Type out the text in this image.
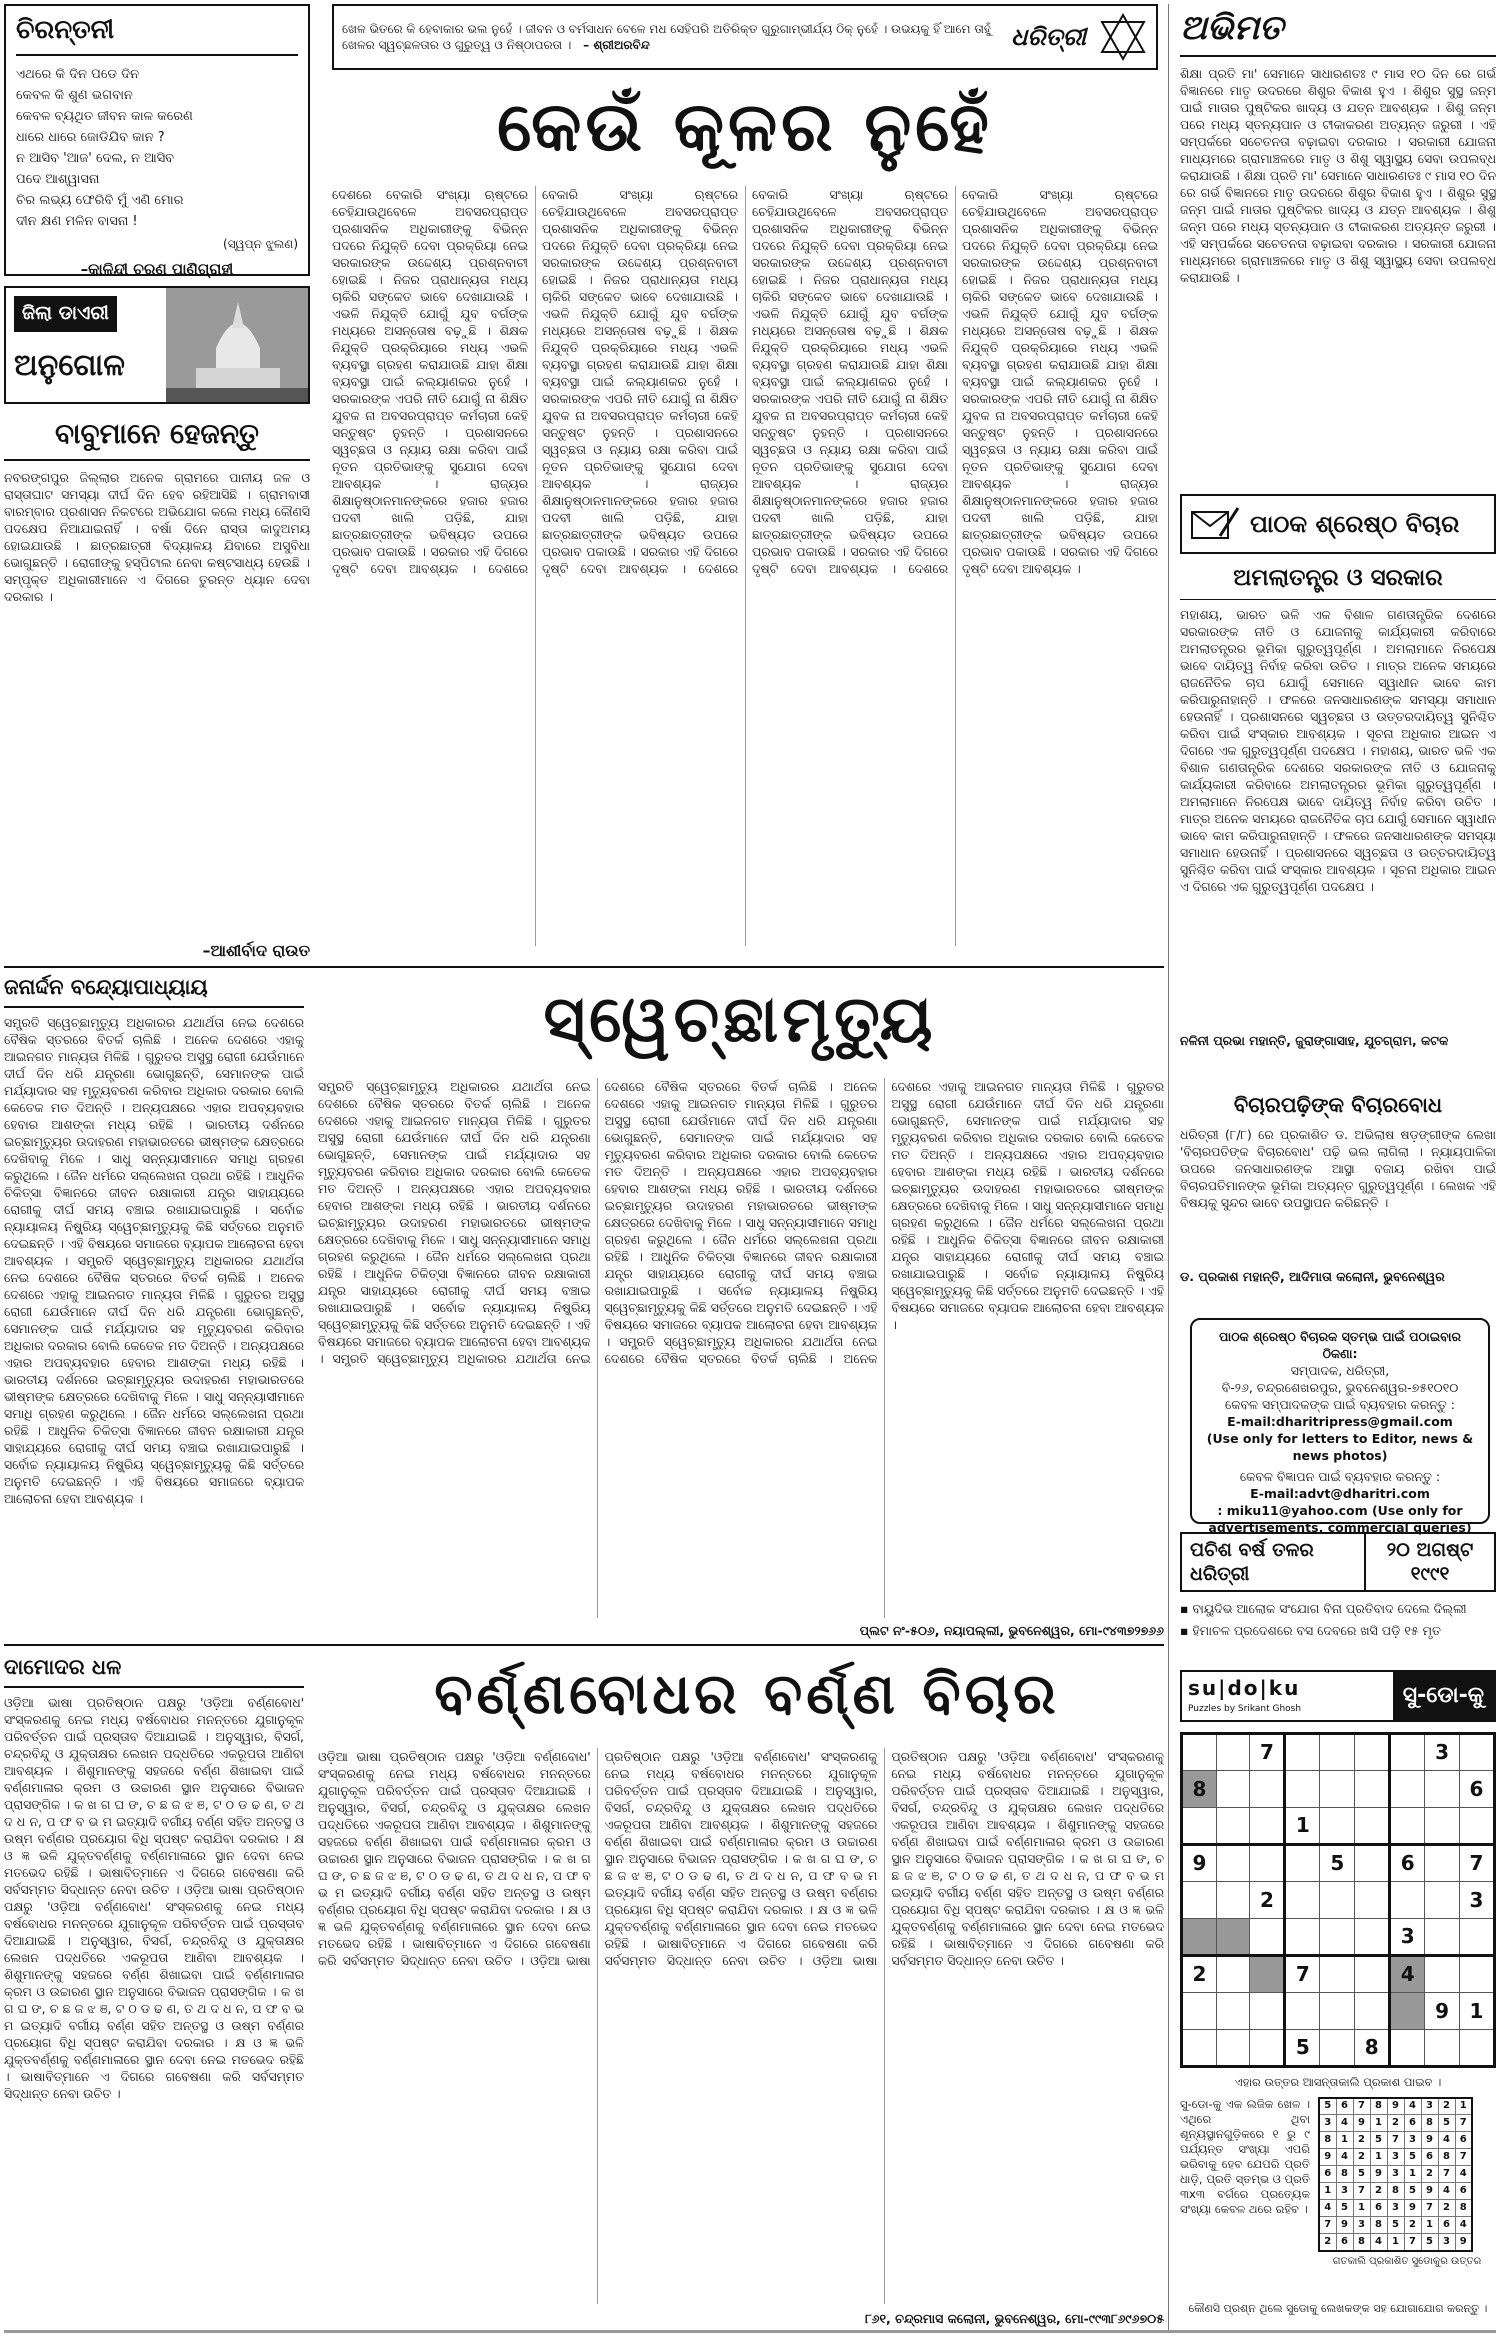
ଚିରନ୍ତନୀ
ଏଥରେ କି ଦିନ ପଡେ ଦିନ
କେବଳ କି ଶୁଣ ଭଗବାନ
କେବଳ ବ୍ୟଥିତ ଜୀବନ କାଳ କରେଣ
ଧାରେ ଧାରେ ଜୋଡିଯିବ କାନ ?
ନ ଆସିବ 'ଆଜ' ଦେଲ, ନ ଆସିବ
ପଦେ ଆଶ୍ୱାସନା
ଚିର ଲଭ୍ୟ ଫେରିବି ମୁଁ ଏଣି ମୋର
ଦୀନ କ୍ଷଣ ମଳିନ ବାସନା !
(ସ୍ୱପ୍ନ ଝୁଲଣ)
–କାଳିନ୍ଦୀ ଚରଣ ପାଣିଗ୍ରାହୀ
ଜିଲା ଡାଏରୀ
ଅନୁଗୋଳ
ବାବୁମାନେ ହେଜନ୍ତୁ
ନବରଙ୍ଗପୁର ଜିଲ୍ଲାର ଅନେକ ଗ୍ରାମରେ ପାନୀୟ ଜଳ ଓ ରାସ୍ତାଘାଟ ସମସ୍ୟା ଦୀର୍ଘ ଦିନ ହେବ ରହିଆସିଛି । ଗ୍ରାମବାସୀ ବାରମ୍ବାର ପ୍ରଶାସନ ନିକଟରେ ଅଭିଯୋଗ କଲେ ମଧ୍ୟ କୌଣସି ପଦକ୍ଷେପ ନିଆଯାଇନାହିଁ । ବର୍ଷା ଦିନେ ରାସ୍ତା କାଦୁଅମୟ ହୋଇଯାଉଛି । ଛାତ୍ରଛାତ୍ରୀ ବିଦ୍ୟାଳୟ ଯିବାରେ ଅସୁବିଧା ଭୋଗୁଛନ୍ତି । ରୋଗୀଙ୍କୁ ହସ୍ପିଟାଲ ନେବା କଷ୍ଟସାଧ୍ୟ ହେଉଛି । ସମ୍ପୃକ୍ତ ଅଧିକାରୀମାନେ ଏ ଦିଗରେ ତୁରନ୍ତ ଧ୍ୟାନ ଦେବା ଦରକାର ।
–ଆଶୀର୍ବାଦ ରାଉତ
ଖେଳ ଭିତରେ କି ହେବାକାର ଭଲ ନୁହେଁ । ଜୀବନ ଓ ବର୍ମସାଧନ ବେଳେ ମଧ ସେହିପରି ଅତିରିକ୍ତ ଗୁରୁଗାମ୍ଭୀର୍ଯ୍ୟ ଠିକ୍ ନୁହେଁ । ଉଭୟକୁ ହିଁ ଆମେ ତାହୁଁ ଖେଳର ସ୍ୱଚ୍ଛଳତାର ଓ ଗୁରୁତ୍ୱ ଓ ନିଷ୍ଠାପରତା । – ଶ୍ରୀଅରବିନ୍ଦ	ଧରିତ୍ରୀ
କେଉଁ କୂଳର ନୁହେଁ
ଦେଶରେ ବେକାରି ସଂଖ୍ୟା ଋଷ୍ଟରେ ଚେହିଯାଉଥିବେଳେ ଅବସରପ୍ରାପ୍ତ ପ୍ରଶାସନିକ ଅଧିକାରୀଙ୍କୁ ବିଭିନ୍ନ ପଦରେ ନିଯୁକ୍ତି ଦେବା ପ୍ରକ୍ରିୟା ନେଇ ସରକାରଙ୍କ ଉଦ୍ଦେଶ୍ୟ ପ୍ରଶ୍ନବାଚୀ ହୋଇଛି । ନିଜର ପ୍ରାଧାନ୍ୟତା ମଧ୍ୟ ଚାକିରି ସଙ୍କେତ ଭାବେ ଦେଖାଯାଉଛି । ଏଭଳି ନିଯୁକ୍ତି ଯୋଗୁଁ ଯୁବ ବର୍ଗଙ୍କ ମଧ୍ୟରେ ଅସନ୍ତୋଷ ବଢ଼ୁଛି । ଶିକ୍ଷକ ନିଯୁକ୍ତି ପ୍ରକ୍ରିୟାରେ ମଧ୍ୟ ଏଭଳି ବ୍ୟବସ୍ଥା ଗ୍ରହଣ କରାଯାଉଛି ଯାହା ଶିକ୍ଷା ବ୍ୟବସ୍ଥା ପାଇଁ କଲ୍ୟାଣକର ନୁହେଁ । ସରକାରଙ୍କ ଏପରି ନୀତି ଯୋଗୁଁ ନା ଶିକ୍ଷିତ ଯୁବକ ନା ଅବସରପ୍ରାପ୍ତ କର୍ମଚାରୀ କେହି ସନ୍ତୁଷ୍ଟ ନୁହନ୍ତି । ପ୍ରଶାସନରେ ସ୍ୱଚ୍ଛତା ଓ ନ୍ୟାୟ ରକ୍ଷା କରିବା ପାଇଁ ନୂତନ ପ୍ରତିଭାଙ୍କୁ ସୁଯୋଗ ଦେବା ଆବଶ୍ୟକ । ରାଜ୍ୟର ଶିକ୍ଷାନୁଷ୍ଠାନମାନଙ୍କରେ ହଜାର ହଜାର ପଦବୀ ଖାଲି ପଡ଼ିଛି, ଯାହା ଛାତ୍ରଛାତ୍ରୀଙ୍କ ଭବିଷ୍ୟତ ଉପରେ ପ୍ରଭାବ ପକାଉଛି । ସରକାର ଏହି ଦିଗରେ ଦୃଷ୍ଟି ଦେବା ଆବଶ୍ୟକ । ଦେଶରେ ବେକାରି ସଂଖ୍ୟା ଋଷ୍ଟରେ ଚେହିଯାଉଥିବେଳେ ଅବସରପ୍ରାପ୍ତ ପ୍ରଶାସନିକ ଅଧିକାରୀଙ୍କୁ ବିଭିନ୍ନ ପଦରେ ନିଯୁକ୍ତି ଦେବା ପ୍ରକ୍ରିୟା ନେଇ ସରକାରଙ୍କ ଉଦ୍ଦେଶ୍ୟ ପ୍ରଶ୍ନବାଚୀ ହୋଇଛି । ନିଜର ପ୍ରାଧାନ୍ୟତା ମଧ୍ୟ ଚାକିରି ସଙ୍କେତ ଭାବେ ଦେଖାଯାଉଛି । ଏଭଳି ନିଯୁକ୍ତି ଯୋଗୁଁ ଯୁବ ବର୍ଗଙ୍କ ମଧ୍ୟରେ ଅସନ୍ତୋଷ ବଢ଼ୁଛି । ଶିକ୍ଷକ ନିଯୁକ୍ତି ପ୍ରକ୍ରିୟାରେ ମଧ୍ୟ ଏଭଳି ବ୍ୟବସ୍ଥା ଗ୍ରହଣ କରାଯାଉଛି ଯାହା ଶିକ୍ଷା ବ୍ୟବସ୍ଥା ପାଇଁ କଲ୍ୟାଣକର ନୁହେଁ । ସରକାରଙ୍କ ଏପରି ନୀତି ଯୋଗୁଁ ନା ଶିକ୍ଷିତ ଯୁବକ ନା ଅବସରପ୍ରାପ୍ତ କର୍ମଚାରୀ କେହି ସନ୍ତୁଷ୍ଟ ନୁହନ୍ତି । ପ୍ରଶାସନରେ ସ୍ୱଚ୍ଛତା ଓ ନ୍ୟାୟ ରକ୍ଷା କରିବା ପାଇଁ ନୂତନ ପ୍ରତିଭାଙ୍କୁ ସୁଯୋଗ ଦେବା ଆବଶ୍ୟକ । ରାଜ୍ୟର ଶିକ୍ଷାନୁଷ୍ଠାନମାନଙ୍କରେ ହଜାର ହଜାର ପଦବୀ ଖାଲି ପଡ଼ିଛି, ଯାହା ଛାତ୍ରଛାତ୍ରୀଙ୍କ ଭବିଷ୍ୟତ ଉପରେ ପ୍ରଭାବ ପକାଉଛି । ସରକାର ଏହି ଦିଗରେ ଦୃଷ୍ଟି ଦେବା ଆବଶ୍ୟକ । ଦେଶରେ ବେକାରି ସଂଖ୍ୟା ଋଷ୍ଟରେ ଚେହିଯାଉଥିବେଳେ ଅବସରପ୍ରାପ୍ତ ପ୍ରଶାସନିକ ଅଧିକାରୀଙ୍କୁ ବିଭିନ୍ନ ପଦରେ ନିଯୁକ୍ତି ଦେବା ପ୍ରକ୍ରିୟା ନେଇ ସରକାରଙ୍କ ଉଦ୍ଦେଶ୍ୟ ପ୍ରଶ୍ନବାଚୀ ହୋଇଛି । ନିଜର ପ୍ରାଧାନ୍ୟତା ମଧ୍ୟ ଚାକିରି ସଙ୍କେତ ଭାବେ ଦେଖାଯାଉଛି । ଏଭଳି ନିଯୁକ୍ତି ଯୋଗୁଁ ଯୁବ ବର୍ଗଙ୍କ ମଧ୍ୟରେ ଅସନ୍ତୋଷ ବଢ଼ୁଛି । ଶିକ୍ଷକ ନିଯୁକ୍ତି ପ୍ରକ୍ରିୟାରେ ମଧ୍ୟ ଏଭଳି ବ୍ୟବସ୍ଥା ଗ୍ରହଣ କରାଯାଉଛି ଯାହା ଶିକ୍ଷା ବ୍ୟବସ୍ଥା ପାଇଁ କଲ୍ୟାଣକର ନୁହେଁ । ସରକାରଙ୍କ ଏପରି ନୀତି ଯୋଗୁଁ ନା ଶିକ୍ଷିତ ଯୁବକ ନା ଅବସରପ୍ରାପ୍ତ କର୍ମଚାରୀ କେହି ସନ୍ତୁଷ୍ଟ ନୁହନ୍ତି । ପ୍ରଶାସନରେ ସ୍ୱଚ୍ଛତା ଓ ନ୍ୟାୟ ରକ୍ଷା କରିବା ପାଇଁ ନୂତନ ପ୍ରତିଭାଙ୍କୁ ସୁଯୋଗ ଦେବା ଆବଶ୍ୟକ । ରାଜ୍ୟର ଶିକ୍ଷାନୁଷ୍ଠାନମାନଙ୍କରେ ହଜାର ହଜାର ପଦବୀ ଖାଲି ପଡ଼ିଛି, ଯାହା ଛାତ୍ରଛାତ୍ରୀଙ୍କ ଭବିଷ୍ୟତ ଉପରେ ପ୍ରଭାବ ପକାଉଛି । ସରକାର ଏହି ଦିଗରେ ଦୃଷ୍ଟି ଦେବା ଆବଶ୍ୟକ । ଦେଶରେ ବେକାରି ସଂଖ୍ୟା ଋଷ୍ଟରେ ଚେହିଯାଉଥିବେଳେ ଅବସରପ୍ରାପ୍ତ ପ୍ରଶାସନିକ ଅଧିକାରୀଙ୍କୁ ବିଭିନ୍ନ ପଦରେ ନିଯୁକ୍ତି ଦେବା ପ୍ରକ୍ରିୟା ନେଇ ସରକାରଙ୍କ ଉଦ୍ଦେଶ୍ୟ ପ୍ରଶ୍ନବାଚୀ ହୋଇଛି । ନିଜର ପ୍ରାଧାନ୍ୟତା ମଧ୍ୟ ଚାକିରି ସଙ୍କେତ ଭାବେ ଦେଖାଯାଉଛି । ଏଭଳି ନିଯୁକ୍ତି ଯୋଗୁଁ ଯୁବ ବର୍ଗଙ୍କ ମଧ୍ୟରେ ଅସନ୍ତୋଷ ବଢ଼ୁଛି । ଶିକ୍ଷକ ନିଯୁକ୍ତି ପ୍ରକ୍ରିୟାରେ ମଧ୍ୟ ଏଭଳି ବ୍ୟବସ୍ଥା ଗ୍ରହଣ କରାଯାଉଛି ଯାହା ଶିକ୍ଷା ବ୍ୟବସ୍ଥା ପାଇଁ କଲ୍ୟାଣକର ନୁହେଁ । ସରକାରଙ୍କ ଏପରି ନୀତି ଯୋଗୁଁ ନା ଶିକ୍ଷିତ ଯୁବକ ନା ଅବସରପ୍ରାପ୍ତ କର୍ମଚାରୀ କେହି ସନ୍ତୁଷ୍ଟ ନୁହନ୍ତି । ପ୍ରଶାସନରେ ସ୍ୱଚ୍ଛତା ଓ ନ୍ୟାୟ ରକ୍ଷା କରିବା ପାଇଁ ନୂତନ ପ୍ରତିଭାଙ୍କୁ ସୁଯୋଗ ଦେବା ଆବଶ୍ୟକ । ରାଜ୍ୟର ଶିକ୍ଷାନୁଷ୍ଠାନମାନଙ୍କରେ ହଜାର ହଜାର ପଦବୀ ଖାଲି ପଡ଼ିଛି, ଯାହା ଛାତ୍ରଛାତ୍ରୀଙ୍କ ଭବିଷ୍ୟତ ଉପରେ ପ୍ରଭାବ ପକାଉଛି । ସରକାର ଏହି ଦିଗରେ ଦୃଷ୍ଟି ଦେବା ଆବଶ୍ୟକ ।
ଅଭିମତ
ଶିକ୍ଷା ପ୍ରତି ମା' ସେମାନେ ସାଧାରଣତଃ ୯ ମାସ ୧୦ ଦିନ ରେ ଗର୍ଭ ବିଜ୍ଞାନରେ ମାତୃ ଉଦରରେ ଶିଶୁର ବିକାଶ ହୁଏ । ଶିଶୁର ସୁସ୍ଥ ଜନ୍ମ ପାଇଁ ମାତାର ପୁଷ୍ଟିକର ଖାଦ୍ୟ ଓ ଯତ୍ନ ଆବଶ୍ୟକ । ଶିଶୁ ଜନ୍ମ ପରେ ମଧ୍ୟ ସ୍ତନ୍ୟପାନ ଓ ଟୀକାକରଣ ଅତ୍ୟନ୍ତ ଜରୁରୀ । ଏହି ସମ୍ପର୍କରେ ସଚେତନତା ବଢ଼ାଇବା ଦରକାର । ସରକାରୀ ଯୋଜନା ମାଧ୍ୟମରେ ଗ୍ରାମାଞ୍ଚଳରେ ମାତୃ ଓ ଶିଶୁ ସ୍ୱାସ୍ଥ୍ୟ ସେବା ଉପଲବ୍ଧ କରାଯାଉଛି । ଶିକ୍ଷା ପ୍ରତି ମା' ସେମାନେ ସାଧାରଣତଃ ୯ ମାସ ୧୦ ଦିନ ରେ ଗର୍ଭ ବିଜ୍ଞାନରେ ମାତୃ ଉଦରରେ ଶିଶୁର ବିକାଶ ହୁଏ । ଶିଶୁର ସୁସ୍ଥ ଜନ୍ମ ପାଇଁ ମାତାର ପୁଷ୍ଟିକର ଖାଦ୍ୟ ଓ ଯତ୍ନ ଆବଶ୍ୟକ । ଶିଶୁ ଜନ୍ମ ପରେ ମଧ୍ୟ ସ୍ତନ୍ୟପାନ ଓ ଟୀକାକରଣ ଅତ୍ୟନ୍ତ ଜରୁରୀ । ଏହି ସମ୍ପର୍କରେ ସଚେତନତା ବଢ଼ାଇବା ଦରକାର । ସରକାରୀ ଯୋଜନା ମାଧ୍ୟମରେ ଗ୍ରାମାଞ୍ଚଳରେ ମାତୃ ଓ ଶିଶୁ ସ୍ୱାସ୍ଥ୍ୟ ସେବା ଉପଲବ୍ଧ କରାଯାଉଛି ।
ପାଠକ ଶ୍ରେଷ୍ଠ ବିଚାର
ଅମଲାତନ୍ତ୍ର ଓ ସରକାର
ମହାଶୟ, ଭାରତ ଭଳି ଏକ ବିଶାଳ ଗଣତାନ୍ତ୍ରିକ ଦେଶରେ ସରକାରଙ୍କ ନୀତି ଓ ଯୋଜନାକୁ କାର୍ଯ୍ୟକାରୀ କରିବାରେ ଅମଲାତନ୍ତ୍ରର ଭୂମିକା ଗୁରୁତ୍ୱପୂର୍ଣ୍ଣ । ଅମଲାମାନେ ନିରପେକ୍ଷ ଭାବେ ଦାୟିତ୍ୱ ନିର୍ବାହ କରିବା ଉଚିତ । ମାତ୍ର ଅନେକ ସମୟରେ ରାଜନୈତିକ ଚାପ ଯୋଗୁଁ ସେମାନେ ସ୍ୱାଧୀନ ଭାବେ କାମ କରିପାରୁନାହାନ୍ତି । ଫଳରେ ଜନସାଧାରଣଙ୍କ ସମସ୍ୟା ସମାଧାନ ହେଉନାହିଁ । ପ୍ରଶାସନରେ ସ୍ୱଚ୍ଛତା ଓ ଉତ୍ତରଦାୟିତ୍ୱ ସୁନିଶ୍ଚିତ କରିବା ପାଇଁ ସଂସ୍କାର ଆବଶ୍ୟକ । ସୂଚନା ଅଧିକାର ଆଇନ ଏ ଦିଗରେ ଏକ ଗୁରୁତ୍ୱପୂର୍ଣ୍ଣ ପଦକ୍ଷେପ । ମହାଶୟ, ଭାରତ ଭଳି ଏକ ବିଶାଳ ଗଣତାନ୍ତ୍ରିକ ଦେଶରେ ସରକାରଙ୍କ ନୀତି ଓ ଯୋଜନାକୁ କାର୍ଯ୍ୟକାରୀ କରିବାରେ ଅମଲାତନ୍ତ୍ରର ଭୂମିକା ଗୁରୁତ୍ୱପୂର୍ଣ୍ଣ । ଅମଲାମାନେ ନିରପେକ୍ଷ ଭାବେ ଦାୟିତ୍ୱ ନିର୍ବାହ କରିବା ଉଚିତ । ମାତ୍ର ଅନେକ ସମୟରେ ରାଜନୈତିକ ଚାପ ଯୋଗୁଁ ସେମାନେ ସ୍ୱାଧୀନ ଭାବେ କାମ କରିପାରୁନାହାନ୍ତି । ଫଳରେ ଜନସାଧାରଣଙ୍କ ସମସ୍ୟା ସମାଧାନ ହେଉନାହିଁ । ପ୍ରଶାସନରେ ସ୍ୱଚ୍ଛତା ଓ ଉତ୍ତରଦାୟିତ୍ୱ ସୁନିଶ୍ଚିତ କରିବା ପାଇଁ ସଂସ୍କାର ଆବଶ୍ୟକ । ସୂଚନା ଅଧିକାର ଆଇନ ଏ ଦିଗରେ ଏକ ଗୁରୁତ୍ୱପୂର୍ଣ୍ଣ ପଦକ୍ଷେପ ।
ନଳିନୀ ପ୍ରଭା ମହାନ୍ତି, ଜୁରାଙ୍ଗାସାହ, ଯୁଚଗ୍ରାମ, କଟକ
ବିଚାରପଢ଼ିଙ୍କ ବିଚାରବୋଧ
ଧରିତ୍ରୀ (୮/୮) ରେ ପ୍ରକାଶିତ ଡ. ଅଭିଲାଷ ଷଡ଼ଙ୍ଗୀଙ୍କ ଲେଖା 'ବିଚାରପତିଙ୍କ ବିଚାରବୋଧ' ପଢ଼ି ଭଲ ଲାଗିଲା । ନ୍ୟାୟପାଳିକା ଉପରେ ଜନସାଧାରଣଙ୍କ ଆସ୍ଥା ବଜାୟ ରଖିବା ପାଇଁ ବିଚାରପତିମାନଙ୍କ ଭୂମିକା ଅତ୍ୟନ୍ତ ଗୁରୁତ୍ୱପୂର୍ଣ୍ଣ । ଲେଖକ ଏହି ବିଷୟକୁ ସୁନ୍ଦର ଭାବେ ଉପସ୍ଥାପନ କରିଛନ୍ତି ।
ଡ. ପ୍ରକାଶ ମହାନ୍ତି, ଆଦିମାତା କଲୋନୀ, ଭୁବନେଶ୍ୱର
ପାଠକ ଶ୍ରେଷ୍ଠ ବିଚାରକ ସ୍ତମ୍ଭ ପାଇଁ ପଠାଇବାର ଠିକଣା:
ସମ୍ପାଦକ, ଧରିତ୍ରୀ,
ବି-୨୬, ଚନ୍ଦ୍ରଶେଖରପୁର, ଭୁବନେଶ୍ୱର-୭୫୧୦୧୦
କେବଳ ସମ୍ପାଦକଙ୍କ ପାଇଁ ବ୍ୟବହାର କରନ୍ତୁ :
E-mail:dharitripress@gmail.com
(Use only for letters to Editor, news & news photos)
କେବଳ ବିଜ୍ଞାପନ ପାଇଁ ବ୍ୟବହାର କରନ୍ତୁ :
E-mail:advt@dharitri.com
: miku11@yahoo.com (Use only for advertisements, commercial queries)
ପଚିଶ ବର୍ଷ ତଳର ଧରିତ୍ରୀ
୨୦ ଅଗଷ୍ଟ ୧୯୯୧
▪ ବାୟୁଦିଭ ଆଲୋକ ସଂଯୋଗ ବିନା ପ୍ରତିବାଦ ଦେଲେ ଦିଲ୍ଲୀ
▪ ହିମାଚଳ ପ୍ରଦେଶରେ ବସ ଦେବରେ ଖସି ପଡ଼ି ୧୫ ମୃତ
ଜନାର୍ଦ୍ଦନ ବନ୍ଦ୍ୟୋପାଧ୍ୟାୟ	ସ୍ୱେଚ୍ଛାମୃତ୍ୟୁ
ସମ୍ପ୍ରତି ସ୍ୱେଚ୍ଛାମୃତ୍ୟୁ ଅଧିକାରର ଯଥାର୍ଥତା ନେଇ ଦେଶରେ ବୈଷିକ ସ୍ତରରେ ବିତର୍କ ଚାଲିଛି । ଅନେକ ଦେଶରେ ଏହାକୁ ଆଇନଗତ ମାନ୍ୟତା ମିଳିଛି । ଗୁରୁତର ଅସୁସ୍ଥ ରୋଗୀ ଯେଉଁମାନେ ଦୀର୍ଘ ଦିନ ଧରି ଯନ୍ତ୍ରଣା ଭୋଗୁଛନ୍ତି, ସେମାନଙ୍କ ପାଇଁ ମର୍ଯ୍ୟାଦାର ସହ ମୃତ୍ୟୁବରଣ କରିବାର ଅଧିକାର ଦରକାର ବୋଲି କେତେକ ମତ ଦିଅନ୍ତି । ଅନ୍ୟପକ୍ଷରେ ଏହାର ଅପବ୍ୟବହାର ହେବାର ଆଶଙ୍କା ମଧ୍ୟ ରହିଛି । ଭାରତୀୟ ଦର୍ଶନରେ ଇଚ୍ଛାମୃତ୍ୟୁର ଉଦାହରଣ ମହାଭାରତରେ ଭୀଷ୍ମଙ୍କ କ୍ଷେତ୍ରରେ ଦେଖିବାକୁ ମିଳେ । ସାଧୁ ସନ୍ନ୍ୟାସୀମାନେ ସମାଧି ଗ୍ରହଣ କରୁଥିଲେ । ଜୈନ ଧର୍ମରେ ସଲ୍ଲେଖନା ପ୍ରଥା ରହିଛି । ଆଧୁନିକ ଚିକିତ୍ସା ବିଜ୍ଞାନରେ ଜୀବନ ରକ୍ଷାକାରୀ ଯନ୍ତ୍ର ସାହାଯ୍ୟରେ ରୋଗୀକୁ ଦୀର୍ଘ ସମୟ ବଞ୍ଚାଇ ରଖାଯାଇପାରୁଛି । ସର୍ବୋଚ୍ଚ ନ୍ୟାୟାଳୟ ନିଷ୍କ୍ରିୟ ସ୍ୱେଚ୍ଛାମୃତ୍ୟୁକୁ କିଛି ସର୍ତ୍ତରେ ଅନୁମତି ଦେଇଛନ୍ତି । ଏହି ବିଷୟରେ ସମାଜରେ ବ୍ୟାପକ ଆଲୋଚନା ହେବା ଆବଶ୍ୟକ । ସମ୍ପ୍ରତି ସ୍ୱେଚ୍ଛାମୃତ୍ୟୁ ଅଧିକାରର ଯଥାର୍ଥତା ନେଇ ଦେଶରେ ବୈଷିକ ସ୍ତରରେ ବିତର୍କ ଚାଲିଛି । ଅନେକ ଦେଶରେ ଏହାକୁ ଆଇନଗତ ମାନ୍ୟତା ମିଳିଛି । ଗୁରୁତର ଅସୁସ୍ଥ ରୋଗୀ ଯେଉଁମାନେ ଦୀର୍ଘ ଦିନ ଧରି ଯନ୍ତ୍ରଣା ଭୋଗୁଛନ୍ତି, ସେମାନଙ୍କ ପାଇଁ ମର୍ଯ୍ୟାଦାର ସହ ମୃତ୍ୟୁବରଣ କରିବାର ଅଧିକାର ଦରକାର ବୋଲି କେତେକ ମତ ଦିଅନ୍ତି । ଅନ୍ୟପକ୍ଷରେ ଏହାର ଅପବ୍ୟବହାର ହେବାର ଆଶଙ୍କା ମଧ୍ୟ ରହିଛି । ଭାରତୀୟ ଦର୍ଶନରେ ଇଚ୍ଛାମୃତ୍ୟୁର ଉଦାହରଣ ମହାଭାରତରେ ଭୀଷ୍ମଙ୍କ କ୍ଷେତ୍ରରେ ଦେଖିବାକୁ ମିଳେ । ସାଧୁ ସନ୍ନ୍ୟାସୀମାନେ ସମାଧି ଗ୍ରହଣ କରୁଥିଲେ । ଜୈନ ଧର୍ମରେ ସଲ୍ଲେଖନା ପ୍ରଥା ରହିଛି । ଆଧୁନିକ ଚିକିତ୍ସା ବିଜ୍ଞାନରେ ଜୀବନ ରକ୍ଷାକାରୀ ଯନ୍ତ୍ର ସାହାଯ୍ୟରେ ରୋଗୀକୁ ଦୀର୍ଘ ସମୟ ବଞ୍ଚାଇ ରଖାଯାଇପାରୁଛି । ସର୍ବୋଚ୍ଚ ନ୍ୟାୟାଳୟ ନିଷ୍କ୍ରିୟ ସ୍ୱେଚ୍ଛାମୃତ୍ୟୁକୁ କିଛି ସର୍ତ୍ତରେ ଅନୁମତି ଦେଇଛନ୍ତି । ଏହି ବିଷୟରେ ସମାଜରେ ବ୍ୟାପକ ଆଲୋଚନା ହେବା ଆବଶ୍ୟକ ।
ସମ୍ପ୍ରତି ସ୍ୱେଚ୍ଛାମୃତ୍ୟୁ ଅଧିକାରର ଯଥାର୍ଥତା ନେଇ ଦେଶରେ ବୈଷିକ ସ୍ତରରେ ବିତର୍କ ଚାଲିଛି । ଅନେକ ଦେଶରେ ଏହାକୁ ଆଇନଗତ ମାନ୍ୟତା ମିଳିଛି । ଗୁରୁତର ଅସୁସ୍ଥ ରୋଗୀ ଯେଉଁମାନେ ଦୀର୍ଘ ଦିନ ଧରି ଯନ୍ତ୍ରଣା ଭୋଗୁଛନ୍ତି, ସେମାନଙ୍କ ପାଇଁ ମର୍ଯ୍ୟାଦାର ସହ ମୃତ୍ୟୁବରଣ କରିବାର ଅଧିକାର ଦରକାର ବୋଲି କେତେକ ମତ ଦିଅନ୍ତି । ଅନ୍ୟପକ୍ଷରେ ଏହାର ଅପବ୍ୟବହାର ହେବାର ଆଶଙ୍କା ମଧ୍ୟ ରହିଛି । ଭାରତୀୟ ଦର୍ଶନରେ ଇଚ୍ଛାମୃତ୍ୟୁର ଉଦାହରଣ ମହାଭାରତରେ ଭୀଷ୍ମଙ୍କ କ୍ଷେତ୍ରରେ ଦେଖିବାକୁ ମିଳେ । ସାଧୁ ସନ୍ନ୍ୟାସୀମାନେ ସମାଧି ଗ୍ରହଣ କରୁଥିଲେ । ଜୈନ ଧର୍ମରେ ସଲ୍ଲେଖନା ପ୍ରଥା ରହିଛି । ଆଧୁନିକ ଚିକିତ୍ସା ବିଜ୍ଞାନରେ ଜୀବନ ରକ୍ଷାକାରୀ ଯନ୍ତ୍ର ସାହାଯ୍ୟରେ ରୋଗୀକୁ ଦୀର୍ଘ ସମୟ ବଞ୍ଚାଇ ରଖାଯାଇପାରୁଛି । ସର୍ବୋଚ୍ଚ ନ୍ୟାୟାଳୟ ନିଷ୍କ୍ରିୟ ସ୍ୱେଚ୍ଛାମୃତ୍ୟୁକୁ କିଛି ସର୍ତ୍ତରେ ଅନୁମତି ଦେଇଛନ୍ତି । ଏହି ବିଷୟରେ ସମାଜରେ ବ୍ୟାପକ ଆଲୋଚନା ହେବା ଆବଶ୍ୟକ । ସମ୍ପ୍ରତି ସ୍ୱେଚ୍ଛାମୃତ୍ୟୁ ଅଧିକାରର ଯଥାର୍ଥତା ନେଇ ଦେଶରେ ବୈଷିକ ସ୍ତରରେ ବିତର୍କ ଚାଲିଛି । ଅନେକ ଦେଶରେ ଏହାକୁ ଆଇନଗତ ମାନ୍ୟତା ମିଳିଛି । ଗୁରୁତର ଅସୁସ୍ଥ ରୋଗୀ ଯେଉଁମାନେ ଦୀର୍ଘ ଦିନ ଧରି ଯନ୍ତ୍ରଣା ଭୋଗୁଛନ୍ତି, ସେମାନଙ୍କ ପାଇଁ ମର୍ଯ୍ୟାଦାର ସହ ମୃତ୍ୟୁବରଣ କରିବାର ଅଧିକାର ଦରକାର ବୋଲି କେତେକ ମତ ଦିଅନ୍ତି । ଅନ୍ୟପକ୍ଷରେ ଏହାର ଅପବ୍ୟବହାର ହେବାର ଆଶଙ୍କା ମଧ୍ୟ ରହିଛି । ଭାରତୀୟ ଦର୍ଶନରେ ଇଚ୍ଛାମୃତ୍ୟୁର ଉଦାହରଣ ମହାଭାରତରେ ଭୀଷ୍ମଙ୍କ କ୍ଷେତ୍ରରେ ଦେଖିବାକୁ ମିଳେ । ସାଧୁ ସନ୍ନ୍ୟାସୀମାନେ ସମାଧି ଗ୍ରହଣ କରୁଥିଲେ । ଜୈନ ଧର୍ମରେ ସଲ୍ଲେଖନା ପ୍ରଥା ରହିଛି । ଆଧୁନିକ ଚିକିତ୍ସା ବିଜ୍ଞାନରେ ଜୀବନ ରକ୍ଷାକାରୀ ଯନ୍ତ୍ର ସାହାଯ୍ୟରେ ରୋଗୀକୁ ଦୀର୍ଘ ସମୟ ବଞ୍ଚାଇ ରଖାଯାଇପାରୁଛି । ସର୍ବୋଚ୍ଚ ନ୍ୟାୟାଳୟ ନିଷ୍କ୍ରିୟ ସ୍ୱେଚ୍ଛାମୃତ୍ୟୁକୁ କିଛି ସର୍ତ୍ତରେ ଅନୁମତି ଦେଇଛନ୍ତି । ଏହି ବିଷୟରେ ସମାଜରେ ବ୍ୟାପକ ଆଲୋଚନା ହେବା ଆବଶ୍ୟକ । ସମ୍ପ୍ରତି ସ୍ୱେଚ୍ଛାମୃତ୍ୟୁ ଅଧିକାରର ଯଥାର୍ଥତା ନେଇ ଦେଶରେ ବୈଷିକ ସ୍ତରରେ ବିତର୍କ ଚାଲିଛି । ଅନେକ ଦେଶରେ ଏହାକୁ ଆଇନଗତ ମାନ୍ୟତା ମିଳିଛି । ଗୁରୁତର ଅସୁସ୍ଥ ରୋଗୀ ଯେଉଁମାନେ ଦୀର୍ଘ ଦିନ ଧରି ଯନ୍ତ୍ରଣା ଭୋଗୁଛନ୍ତି, ସେମାନଙ୍କ ପାଇଁ ମର୍ଯ୍ୟାଦାର ସହ ମୃତ୍ୟୁବରଣ କରିବାର ଅଧିକାର ଦରକାର ବୋଲି କେତେକ ମତ ଦିଅନ୍ତି । ଅନ୍ୟପକ୍ଷରେ ଏହାର ଅପବ୍ୟବହାର ହେବାର ଆଶଙ୍କା ମଧ୍ୟ ରହିଛି । ଭାରତୀୟ ଦର୍ଶନରେ ଇଚ୍ଛାମୃତ୍ୟୁର ଉଦାହରଣ ମହାଭାରତରେ ଭୀଷ୍ମଙ୍କ କ୍ଷେତ୍ରରେ ଦେଖିବାକୁ ମିଳେ । ସାଧୁ ସନ୍ନ୍ୟାସୀମାନେ ସମାଧି ଗ୍ରହଣ କରୁଥିଲେ । ଜୈନ ଧର୍ମରେ ସଲ୍ଲେଖନା ପ୍ରଥା ରହିଛି । ଆଧୁନିକ ଚିକିତ୍ସା ବିଜ୍ଞାନରେ ଜୀବନ ରକ୍ଷାକାରୀ ଯନ୍ତ୍ର ସାହାଯ୍ୟରେ ରୋଗୀକୁ ଦୀର୍ଘ ସମୟ ବଞ୍ଚାଇ ରଖାଯାଇପାରୁଛି । ସର୍ବୋଚ୍ଚ ନ୍ୟାୟାଳୟ ନିଷ୍କ୍ରିୟ ସ୍ୱେଚ୍ଛାମୃତ୍ୟୁକୁ କିଛି ସର୍ତ୍ତରେ ଅନୁମତି ଦେଇଛନ୍ତି । ଏହି ବିଷୟରେ ସମାଜରେ ବ୍ୟାପକ ଆଲୋଚନା ହେବା ଆବଶ୍ୟକ ।
ପ୍ଲଟ ନଂ-୫୦୬, ନୟାପଲ୍ଲୀ, ଭୁବନେଶ୍ୱର, ମୋ-୯୪୩୭୨୭୬୬
ଦାମୋଦର ଧଳ	ବର୍ଣ୍ଣବୋଧର ବର୍ଣ୍ଣ ବିଚାର
ଓଡ଼ିଆ ଭାଷା ପ୍ରତିଷ୍ଠାନ ପକ୍ଷରୁ 'ଓଡ଼ିଆ ବର୍ଣ୍ଣବୋଧ' ସଂସ୍କରଣକୁ ନେଇ ମଧ୍ୟ ବର୍ଷବୋଧର ମନନ୍ତରେ ଯୁଗାନୁକୂଳ ପରିବର୍ତ୍ତନ ପାଇଁ ପ୍ରସ୍ତାବ ଦିଆଯାଇଛି । ଅନୁସ୍ୱାର, ବିସର୍ଗ, ଚନ୍ଦ୍ରବିନ୍ଦୁ ଓ ଯୁକ୍ତାକ୍ଷର ଲେଖନ ପଦ୍ଧତିରେ ଏକରୂପତା ଆଣିବା ଆବଶ୍ୟକ । ଶିଶୁମାନଙ୍କୁ ସହଜରେ ବର୍ଣ୍ଣ ଶିଖାଇବା ପାଇଁ ବର୍ଣ୍ଣମାଳାର କ୍ରମ ଓ ଉଚ୍ଚାରଣ ସ୍ଥାନ ଅନୁସାରେ ବିଭାଜନ ପ୍ରାସଙ୍ଗିକ । କ ଖ ଗ ଘ ଙ, ଚ ଛ ଜ ଝ ଞ, ଟ ଠ ଡ ଢ ଣ, ତ ଥ ଦ ଧ ନ, ପ ଫ ବ ଭ ମ ଇତ୍ୟାଦି ବର୍ଗୀୟ ବର୍ଣ୍ଣ ସହିତ ଅନ୍ତସ୍ଥ ଓ ଉଷ୍ମ ବର୍ଣ୍ଣର ପ୍ରୟୋଗ ବିଧି ସ୍ପଷ୍ଟ କରାଯିବା ଦରକାର । କ୍ଷ ଓ ଜ୍ଞ ଭଳି ଯୁକ୍ତବର୍ଣ୍ଣକୁ ବର୍ଣ୍ଣମାଳାରେ ସ୍ଥାନ ଦେବା ନେଇ ମତଭେଦ ରହିଛି । ଭାଷାବିତ୍ମାନେ ଏ ଦିଗରେ ଗବେଷଣା କରି ସର୍ବସମ୍ମତ ସିଦ୍ଧାନ୍ତ ନେବା ଉଚିତ । ଓଡ଼ିଆ ଭାଷା ପ୍ରତିଷ୍ଠାନ ପକ୍ଷରୁ 'ଓଡ଼ିଆ ବର୍ଣ୍ଣବୋଧ' ସଂସ୍କରଣକୁ ନେଇ ମଧ୍ୟ ବର୍ଷବୋଧର ମନନ୍ତରେ ଯୁଗାନୁକୂଳ ପରିବର୍ତ୍ତନ ପାଇଁ ପ୍ରସ୍ତାବ ଦିଆଯାଇଛି । ଅନୁସ୍ୱାର, ବିସର୍ଗ, ଚନ୍ଦ୍ରବିନ୍ଦୁ ଓ ଯୁକ୍ତାକ୍ଷର ଲେଖନ ପଦ୍ଧତିରେ ଏକରୂପତା ଆଣିବା ଆବଶ୍ୟକ । ଶିଶୁମାନଙ୍କୁ ସହଜରେ ବର୍ଣ୍ଣ ଶିଖାଇବା ପାଇଁ ବର୍ଣ୍ଣମାଳାର କ୍ରମ ଓ ଉଚ୍ଚାରଣ ସ୍ଥାନ ଅନୁସାରେ ବିଭାଜନ ପ୍ରାସଙ୍ଗିକ । କ ଖ ଗ ଘ ଙ, ଚ ଛ ଜ ଝ ଞ, ଟ ଠ ଡ ଢ ଣ, ତ ଥ ଦ ଧ ନ, ପ ଫ ବ ଭ ମ ଇତ୍ୟାଦି ବର୍ଗୀୟ ବର୍ଣ୍ଣ ସହିତ ଅନ୍ତସ୍ଥ ଓ ଉଷ୍ମ ବର୍ଣ୍ଣର ପ୍ରୟୋଗ ବିଧି ସ୍ପଷ୍ଟ କରାଯିବା ଦରକାର । କ୍ଷ ଓ ଜ୍ଞ ଭଳି ଯୁକ୍ତବର୍ଣ୍ଣକୁ ବର୍ଣ୍ଣମାଳାରେ ସ୍ଥାନ ଦେବା ନେଇ ମତଭେଦ ରହିଛି । ଭାଷାବିତ୍ମାନେ ଏ ଦିଗରେ ଗବେଷଣା କରି ସର୍ବସମ୍ମତ ସିଦ୍ଧାନ୍ତ ନେବା ଉଚିତ ।
ଓଡ଼ିଆ ଭାଷା ପ୍ରତିଷ୍ଠାନ ପକ୍ଷରୁ 'ଓଡ଼ିଆ ବର୍ଣ୍ଣବୋଧ' ସଂସ୍କରଣକୁ ନେଇ ମଧ୍ୟ ବର୍ଷବୋଧର ମନନ୍ତରେ ଯୁଗାନୁକୂଳ ପରିବର୍ତ୍ତନ ପାଇଁ ପ୍ରସ୍ତାବ ଦିଆଯାଇଛି । ଅନୁସ୍ୱାର, ବିସର୍ଗ, ଚନ୍ଦ୍ରବିନ୍ଦୁ ଓ ଯୁକ୍ତାକ୍ଷର ଲେଖନ ପଦ୍ଧତିରେ ଏକରୂପତା ଆଣିବା ଆବଶ୍ୟକ । ଶିଶୁମାନଙ୍କୁ ସହଜରେ ବର୍ଣ୍ଣ ଶିଖାଇବା ପାଇଁ ବର୍ଣ୍ଣମାଳାର କ୍ରମ ଓ ଉଚ୍ଚାରଣ ସ୍ଥାନ ଅନୁସାରେ ବିଭାଜନ ପ୍ରାସଙ୍ଗିକ । କ ଖ ଗ ଘ ଙ, ଚ ଛ ଜ ଝ ଞ, ଟ ଠ ଡ ଢ ଣ, ତ ଥ ଦ ଧ ନ, ପ ଫ ବ ଭ ମ ଇତ୍ୟାଦି ବର୍ଗୀୟ ବର୍ଣ୍ଣ ସହିତ ଅନ୍ତସ୍ଥ ଓ ଉଷ୍ମ ବର୍ଣ୍ଣର ପ୍ରୟୋଗ ବିଧି ସ୍ପଷ୍ଟ କରାଯିବା ଦରକାର । କ୍ଷ ଓ ଜ୍ଞ ଭଳି ଯୁକ୍ତବର୍ଣ୍ଣକୁ ବର୍ଣ୍ଣମାଳାରେ ସ୍ଥାନ ଦେବା ନେଇ ମତଭେଦ ରହିଛି । ଭାଷାବିତ୍ମାନେ ଏ ଦିଗରେ ଗବେଷଣା କରି ସର୍ବସମ୍ମତ ସିଦ୍ଧାନ୍ତ ନେବା ଉଚିତ । ଓଡ଼ିଆ ଭାଷା ପ୍ରତିଷ୍ଠାନ ପକ୍ଷରୁ 'ଓଡ଼ିଆ ବର୍ଣ୍ଣବୋଧ' ସଂସ୍କରଣକୁ ନେଇ ମଧ୍ୟ ବର୍ଷବୋଧର ମନନ୍ତରେ ଯୁଗାନୁକୂଳ ପରିବର୍ତ୍ତନ ପାଇଁ ପ୍ରସ୍ତାବ ଦିଆଯାଇଛି । ଅନୁସ୍ୱାର, ବିସର୍ଗ, ଚନ୍ଦ୍ରବିନ୍ଦୁ ଓ ଯୁକ୍ତାକ୍ଷର ଲେଖନ ପଦ୍ଧତିରେ ଏକରୂପତା ଆଣିବା ଆବଶ୍ୟକ । ଶିଶୁମାନଙ୍କୁ ସହଜରେ ବର୍ଣ୍ଣ ଶିଖାଇବା ପାଇଁ ବର୍ଣ୍ଣମାଳାର କ୍ରମ ଓ ଉଚ୍ଚାରଣ ସ୍ଥାନ ଅନୁସାରେ ବିଭାଜନ ପ୍ରାସଙ୍ଗିକ । କ ଖ ଗ ଘ ଙ, ଚ ଛ ଜ ଝ ଞ, ଟ ଠ ଡ ଢ ଣ, ତ ଥ ଦ ଧ ନ, ପ ଫ ବ ଭ ମ ଇତ୍ୟାଦି ବର୍ଗୀୟ ବର୍ଣ୍ଣ ସହିତ ଅନ୍ତସ୍ଥ ଓ ଉଷ୍ମ ବର୍ଣ୍ଣର ପ୍ରୟୋଗ ବିଧି ସ୍ପଷ୍ଟ କରାଯିବା ଦରକାର । କ୍ଷ ଓ ଜ୍ଞ ଭଳି ଯୁକ୍ତବର୍ଣ୍ଣକୁ ବର୍ଣ୍ଣମାଳାରେ ସ୍ଥାନ ଦେବା ନେଇ ମତଭେଦ ରହିଛି । ଭାଷାବିତ୍ମାନେ ଏ ଦିଗରେ ଗବେଷଣା କରି ସର୍ବସମ୍ମତ ସିଦ୍ଧାନ୍ତ ନେବା ଉଚିତ । ଓଡ଼ିଆ ଭାଷା ପ୍ରତିଷ୍ଠାନ ପକ୍ଷରୁ 'ଓଡ଼ିଆ ବର୍ଣ୍ଣବୋଧ' ସଂସ୍କରଣକୁ ନେଇ ମଧ୍ୟ ବର୍ଷବୋଧର ମନନ୍ତରେ ଯୁଗାନୁକୂଳ ପରିବର୍ତ୍ତନ ପାଇଁ ପ୍ରସ୍ତାବ ଦିଆଯାଇଛି । ଅନୁସ୍ୱାର, ବିସର୍ଗ, ଚନ୍ଦ୍ରବିନ୍ଦୁ ଓ ଯୁକ୍ତାକ୍ଷର ଲେଖନ ପଦ୍ଧତିରେ ଏକରୂପତା ଆଣିବା ଆବଶ୍ୟକ । ଶିଶୁମାନଙ୍କୁ ସହଜରେ ବର୍ଣ୍ଣ ଶିଖାଇବା ପାଇଁ ବର୍ଣ୍ଣମାଳାର କ୍ରମ ଓ ଉଚ୍ଚାରଣ ସ୍ଥାନ ଅନୁସାରେ ବିଭାଜନ ପ୍ରାସଙ୍ଗିକ । କ ଖ ଗ ଘ ଙ, ଚ ଛ ଜ ଝ ଞ, ଟ ଠ ଡ ଢ ଣ, ତ ଥ ଦ ଧ ନ, ପ ଫ ବ ଭ ମ ଇତ୍ୟାଦି ବର୍ଗୀୟ ବର୍ଣ୍ଣ ସହିତ ଅନ୍ତସ୍ଥ ଓ ଉଷ୍ମ ବର୍ଣ୍ଣର ପ୍ରୟୋଗ ବିଧି ସ୍ପଷ୍ଟ କରାଯିବା ଦରକାର । କ୍ଷ ଓ ଜ୍ଞ ଭଳି ଯୁକ୍ତବର୍ଣ୍ଣକୁ ବର୍ଣ୍ଣମାଳାରେ ସ୍ଥାନ ଦେବା ନେଇ ମତଭେଦ ରହିଛି । ଭାଷାବିତ୍ମାନେ ଏ ଦିଗରେ ଗବେଷଣା କରି ସର୍ବସମ୍ମତ ସିଦ୍ଧାନ୍ତ ନେବା ଉଚିତ ।
୮୬୧, ଚନ୍ଦ୍ରମାସ କଲୋନୀ, ଭୁବନେଶ୍ୱର, ମୋ-୯୯୩୮୬୯୬୭୦୫
su|do|ku
Puzzles by Srikant Ghosh
ସୁ-ଡୋ-କୁ
		7					3	
8								6
			1					
9				5		6		7
		2						3
						3		
2			7			4		
							9	1
			5		8			
ଏହାର ଉତ୍ତର ଆସନ୍ତାକାଲି ପ୍ରକାଶ ପାଇବ ।
ସୁ-ଡୋ-କୁ ଏକ ଲଜିକ ଖେଳ । ଏଥିରେ ଥିବା ଶୂନ୍ୟସ୍ଥାନଗୁଡ଼ିକରେ ୧ ରୁ ୯ ପର୍ଯ୍ୟନ୍ତ ସଂଖ୍ୟା ଏପରି ଭରିବାକୁ ହେବ ଯେପରି ପ୍ରତି ଧାଡ଼ି, ପ୍ରତି ସ୍ତମ୍ଭ ଓ ପ୍ରତି ୩x୩ ବର୍ଗରେ ପ୍ରତ୍ୟେକ ସଂଖ୍ୟା କେବଳ ଥରେ ରହିବ ।
5	6	7	8	9	4	3	2	1
3	4	9	1	2	6	8	5	7
8	1	2	5	7	3	9	4	6
9	4	2	1	3	5	6	8	7
6	8	5	9	3	1	2	7	4
1	3	7	2	8	5	9	4	6
4	5	1	6	3	9	7	2	8
7	9	3	8	5	2	1	6	4
2	6	8	4	1	7	5	3	9
ଗତକାଲି ପ୍ରକାଶିତ ସୁଡୋକୁର ଉତ୍ତର
କୌଣସି ପ୍ରଶ୍ନ ଥିଲେ ସୁଡୋକୁ ଲେଖକଙ୍କ ସହ ଯୋଗାଯୋଗ କରନ୍ତୁ ।
